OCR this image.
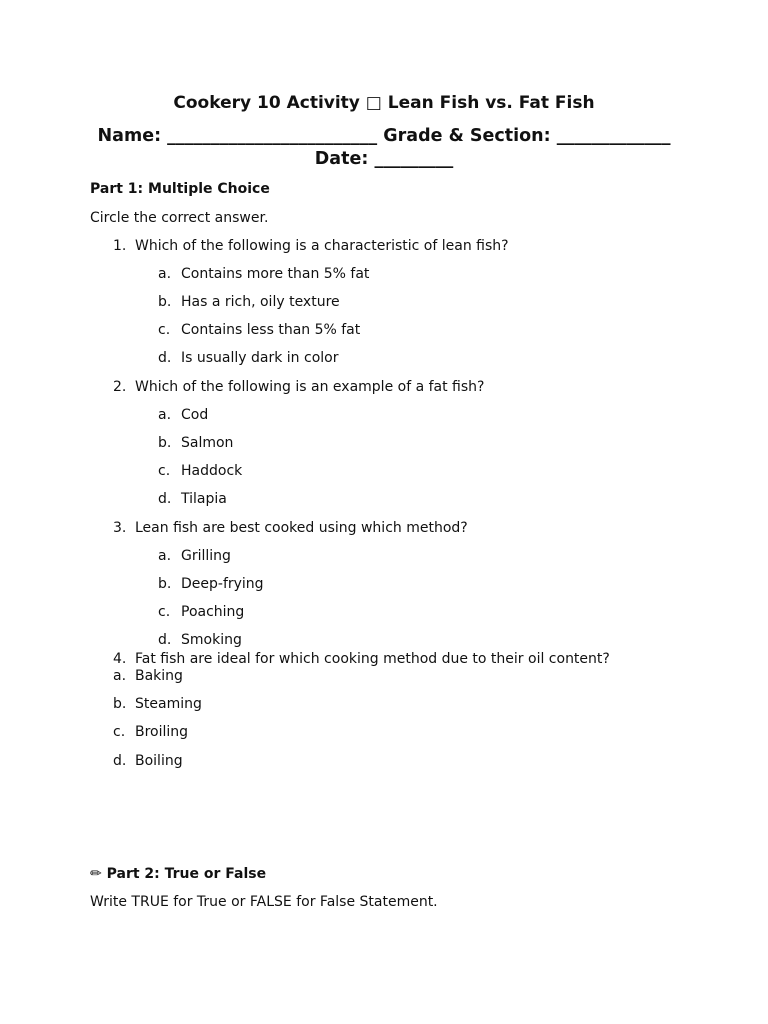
Cookery 10 Activity □ Lean Fish vs. Fat Fish
Name: ________________________ Grade & Section: _____________
Date: _________
Part 1: Multiple Choice
Circle the correct answer.
1. Which of the following is a characteristic of lean fish?
a. Contains more than 5% fat
b. Has a rich, oily texture
c. Contains less than 5% fat
d. Is usually dark in color
2. Which of the following is an example of a fat fish?
a. Cod
b. Salmon
c. Haddock
d. Tilapia
3. Lean fish are best cooked using which method?
a. Grilling
b. Deep-frying
c. Poaching
d. Smoking
4. Fat fish are ideal for which cooking method due to their oil content?
a. Baking
b. Steaming
c. Broiling
d. Boiling
✏ Part 2: True or False
Write TRUE for True or FALSE for False Statement.
